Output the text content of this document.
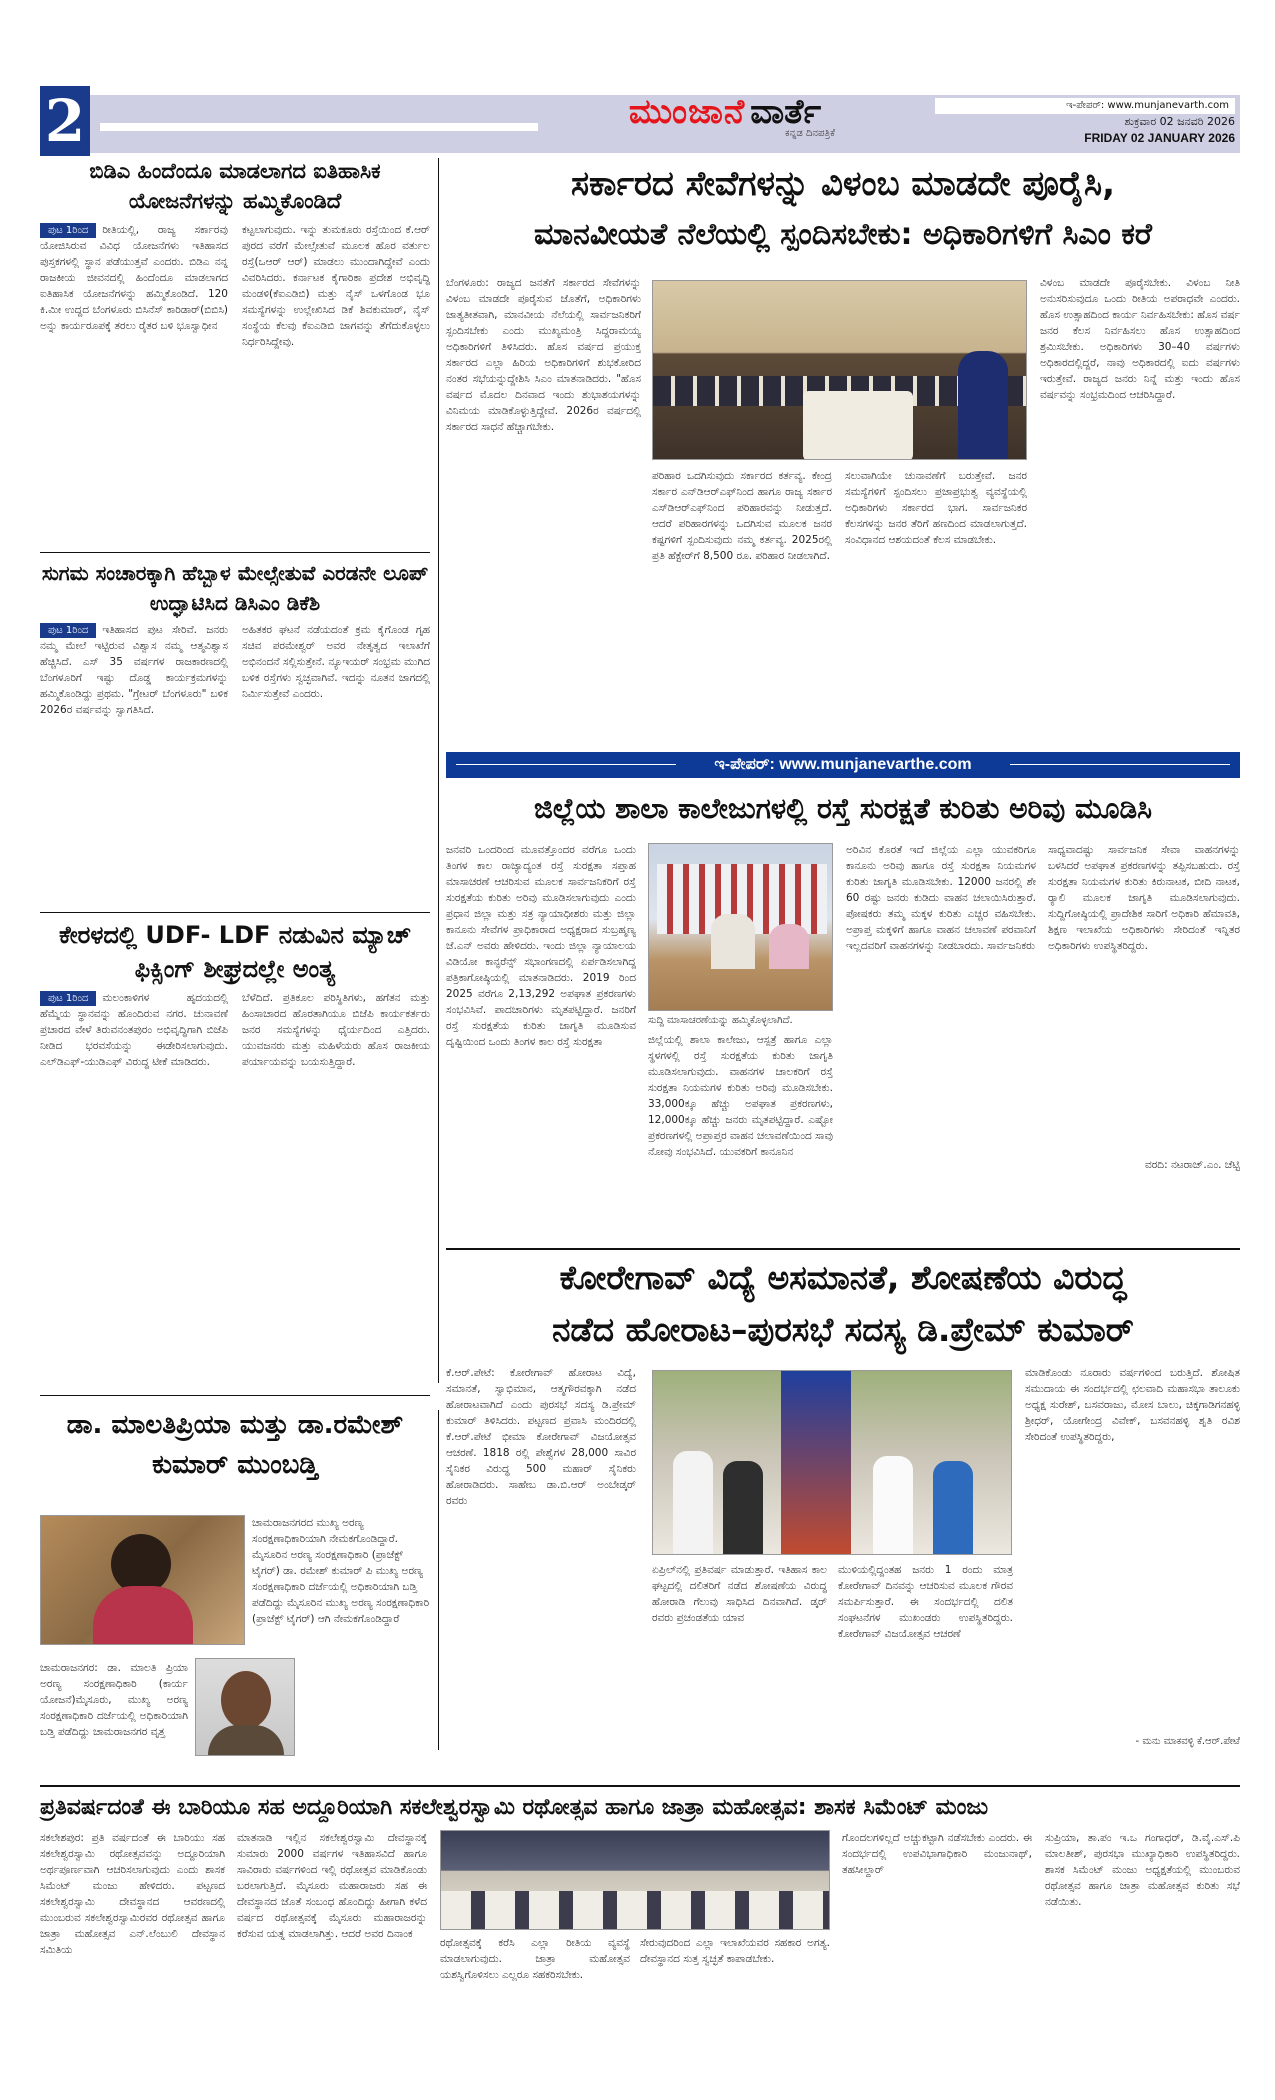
2	ಮುಂಜಾನೆ ವಾರ್ತೆ
ಕನ್ನಡ ದಿನಪತ್ರಿಕೆ
ಇ-ಪೇಪರ್: www.munjanevarth.com
ಶುಕ್ರವಾರ 02 ಜನವರಿ 2026
FRIDAY 02 JANUARY 2026
ಬಿಡಿಎ ಹಿಂದೆಂದೂ ಮಾಡಲಾಗದ ಐತಿಹಾಸಿಕ ಯೋಜನೆಗಳನ್ನು ಹಮ್ಮಿಕೊಂಡಿದೆ
ಪುಟ 1ರಿಂದ ರೀತಿಯಲ್ಲಿ, ರಾಜ್ಯ ಸರ್ಕಾರವು ಯೋಜಿಸಿರುವ ವಿವಿಧ ಯೋಜನೆಗಳು ಇತಿಹಾಸದ ಪುಸ್ತಕಗಳಲ್ಲಿ ಸ್ಥಾನ ಪಡೆಯುತ್ತವೆ ಎಂದರು. ಬಿಡಿಎ ನನ್ನ ರಾಜಕೀಯ ಜೀವನದಲ್ಲಿ ಹಿಂದೆಂದೂ ಮಾಡಲಾಗದ ಐತಿಹಾಸಿಕ ಯೋಜನೆಗಳನ್ನು ಹಮ್ಮಿಕೊಂಡಿದೆ. 120 ಕಿ.ಮೀ ಉದ್ದದ ಬೆಂಗಳೂರು ಬಿಸಿನೆಸ್ ಕಾರಿಡಾರ್(ಬಿಬಿಸಿ) ಅನ್ನು ಕಾರ್ಯರೂಪಕ್ಕೆ ತರಲು ರೈತರ ಬಳಿ ಭೂಸ್ವಾಧೀನ
ಕಟ್ಟಲಾಗುವುದು. ಇನ್ನು ತುಮಕೂರು ರಸ್ತೆಯಿಂದ ಕೆ.ಆರ್ ಪುರದ ವರೆಗೆ ಮೇಲ್ಸೇತುವೆ ಮೂಲಕ ಹೊರ ವರ್ತುಲ ರಸ್ತೆ(ಒಆರ್ ಆರ್) ಮಾಡಲು ಮುಂದಾಗಿದ್ದೇವೆ ಎಂದು ವಿವರಿಸಿದರು. ಕರ್ನಾಟಕ ಕೈಗಾರಿಕಾ ಪ್ರದೇಶ ಅಭಿವೃದ್ಧಿ ಮಂಡಳಿ(ಕೆಐಎಡಿಬಿ) ಮತ್ತು ನೈಸ್ ಒಳಗೊಂಡ ಭೂ ಸಮಸ್ಯೆಗಳನ್ನು ಉಲ್ಲೇಖಿಸಿದ ಡಿಕೆ ಶಿವಕುಮಾರ್, ನೈಸ್ ಸಂಸ್ಥೆಯ ಕೆಲವು ಕೆಐಎಡಿಬಿ ಜಾಗವನ್ನು ತೆಗೆದುಕೊಳ್ಳಲು ನಿರ್ಧರಿಸಿದ್ದೇವು.
ಸುಗಮ ಸಂಚಾರಕ್ಕಾಗಿ ಹೆಬ್ಬಾಳ ಮೇಲ್ಸೇತುವೆ ಎರಡನೇ ಲೂಪ್ ಉದ್ಘಾಟಿಸಿದ ಡಿಸಿಎಂ ಡಿಕೆಶಿ
ಪುಟ 1ರಿಂದ ಇತಿಹಾಸದ ಪುಟ ಸೇರಿವೆ. ಜನರು ನಮ್ಮ ಮೇಲೆ ಇಟ್ಟಿರುವ ವಿಶ್ವಾಸ ನಮ್ಮ ಆತ್ಮವಿಶ್ವಾಸ ಹೆಚ್ಚಿಸಿದೆ. ಎಸ್ 35 ವರ್ಷಗಳ ರಾಜಕಾರಣದಲ್ಲಿ ಬೆಂಗಳೂರಿಗೆ ಇಷ್ಟು ದೊಡ್ಡ ಕಾರ್ಯಕ್ರಮಗಳನ್ನು ಹಮ್ಮಿಕೊಂಡಿದ್ದು ಪ್ರಥಮ. "ಗ್ರೇಟರ್ ಬೆಂಗಳೂರು" ಬಳಿಕ 2026ರ ವರ್ಷವನ್ನು ಸ್ವಾಗತಿಸಿದೆ.
ಅಹಿತಕರ ಘಟನೆ ನಡೆಯದಂತೆ ಕ್ರಮ ಕೈಗೊಂಡ ಗೃಹ ಸಚಿವ ಪರಮೇಶ್ವರ್ ಅವರ ನೇತೃತ್ವದ ಇಲಾಖೆಗೆ ಅಭಿನಂದನೆ ಸಲ್ಲಿಸುತ್ತೇನೆ. ನ್ಯೂಇಯರ್ ಸಂಭ್ರಮ ಮುಗಿದ ಬಳಿಕ ರಸ್ತೆಗಳು ಸ್ವಚ್ಛವಾಗಿವೆ. ಇದನ್ನು ನೂತನ ಜಾಗದಲ್ಲಿ ನಿರ್ಮಿಸುತ್ತೇವೆ ಎಂದರು.
ಕೇರಳದಲ್ಲಿ UDF- LDF ನಡುವಿನ ಮ್ಯಾಚ್ ಫಿಕ್ಸಿಂಗ್ ಶೀಘ್ರದಲ್ಲೇ ಅಂತ್ಯ
ಪುಟ 1ರಿಂದ ಮಲಂಕಾಳಿಗಳ ಹೃದಯದಲ್ಲಿ ಹೆಮ್ಮೆಯ ಸ್ಥಾನವನ್ನು ಹೊಂದಿರುವ ನಗರ. ಚುನಾವಣೆ ಪ್ರಚಾರದ ವೇಳೆ ತಿರುವನಂತಪುರಂ ಅಭಿವೃದ್ಧಿಗಾಗಿ ಬಿಜೆಪಿ ನೀಡಿದ ಭರವಸೆಯನ್ನು ಈಡೇರಿಸಲಾಗುವುದು. ಎಲ್‌ಡಿಎಫ್-ಯುಡಿಎಫ್ ವಿರುದ್ಧ ಟೀಕೆ ಮಾಡಿದರು.
ಬೆಳೆದಿದೆ. ಪ್ರತಿಕೂಲ ಪರಿಸ್ಥಿತಿಗಳು, ಹಗೆತನ ಮತ್ತು ಹಿಂಸಾಚಾರದ ಹೊರತಾಗಿಯೂ ಬಿಜೆಪಿ ಕಾರ್ಯಕರ್ತರು ಜನರ ಸಮಸ್ಯೆಗಳನ್ನು ಧೈರ್ಯದಿಂದ ಎತ್ತಿದರು. ಯುವಜನರು ಮತ್ತು ಮಹಿಳೆಯರು ಹೊಸ ರಾಜಕೀಯ ಪರ್ಯಾಯವನ್ನು ಬಯಸುತ್ತಿದ್ದಾರೆ.
ಡಾ. ಮಾಲತಿಪ್ರಿಯಾ ಮತ್ತು ಡಾ.ರಮೇಶ್ ಕುಮಾರ್ ಮುಂಬಡ್ತಿ
ಚಾಮರಾಜನಗರದ ಮುಖ್ಯ ಅರಣ್ಯ ಸಂರಕ್ಷಣಾಧಿಕಾರಿಯಾಗಿ ನೇಮಕಗೊಂಡಿದ್ದಾರೆ. ಮೈಸೂರಿನ ಅರಣ್ಯ ಸಂರಕ್ಷಣಾಧಿಕಾರಿ (ಪ್ರಾಜೆಕ್ಟ್ ಟೈಗರ್) ಡಾ. ರಮೇಶ್ ಕುಮಾರ್ ಪಿ ಮುಖ್ಯ ಅರಣ್ಯ ಸಂರಕ್ಷಣಾಧಿಕಾರಿ ದರ್ಜೆಯಲ್ಲಿ ಅಧಿಕಾರಿಯಾಗಿ ಬಡ್ತಿ ಪಡೆದಿದ್ದು ಮೈಸೂರಿನ ಮುಖ್ಯ ಅರಣ್ಯ ಸಂರಕ್ಷಣಾಧಿಕಾರಿ (ಪ್ರಾಜೆಕ್ಟ್ ಟೈಗರ್) ಆಗಿ ನೇಮಕಗೊಂಡಿದ್ದಾರೆ
ಚಾಮರಾಜನಗರ: ಡಾ. ಮಾಲತಿ ಪ್ರಿಯಾ ಅರಣ್ಯ ಸಂರಕ್ಷಣಾಧಿಕಾರಿ (ಕಾರ್ಯ ಯೋಜನೆ)ಮೈಸೂರು, ಮುಖ್ಯ ಅರಣ್ಯ ಸಂರಕ್ಷಣಾಧಿಕಾರಿ ದರ್ಜೆಯಲ್ಲಿ ಅಧಿಕಾರಿಯಾಗಿ ಬಡ್ತಿ ಪಡೆದಿದ್ದು ಚಾಮರಾಜನಗರ ವೃತ್ತ
ಸರ್ಕಾರದ ಸೇವೆಗಳನ್ನು ವಿಳಂಬ ಮಾಡದೇ ಪೂರೈಸಿ,
ಮಾನವೀಯತೆ ನೆಲೆಯಲ್ಲಿ ಸ್ಪಂದಿಸಬೇಕು: ಅಧಿಕಾರಿಗಳಿಗೆ ಸಿಎಂ ಕರೆ
ಬೆಂಗಳೂರು: ರಾಜ್ಯದ ಜನತೆಗೆ ಸರ್ಕಾರದ ಸೇವೆಗಳನ್ನು ವಿಳಂಬ ಮಾಡದೇ ಪೂರೈಸುವ ಜೊತೆಗೆ, ಅಧಿಕಾರಿಗಳು ಜಾತ್ಯತೀತವಾಗಿ, ಮಾನವೀಯ ನೆಲೆಯಲ್ಲಿ ಸಾರ್ವಜನಿಕರಿಗೆ ಸ್ಪಂದಿಸಬೇಕು ಎಂದು ಮುಖ್ಯಮಂತ್ರಿ ಸಿದ್ದರಾಮಯ್ಯ ಅಧಿಕಾರಿಗಳಿಗೆ ತಿಳಿಸಿದರು. ಹೊಸ ವರ್ಷದ ಪ್ರಯುಕ್ತ ಸರ್ಕಾರದ ಎಲ್ಲಾ ಹಿರಿಯ ಅಧಿಕಾರಿಗಳಿಗೆ ಶುಭಕೋರಿದ ನಂತರ ಸಭೆಯನ್ನುದ್ದೇಶಿಸಿ ಸಿಎಂ ಮಾತನಾಡಿದರು. "ಹೊಸ ವರ್ಷದ ಮೊದಲ ದಿನವಾದ ಇಂದು ಶುಭಾಶಯಗಳನ್ನು ವಿನಿಮಯ ಮಾಡಿಕೊಳ್ಳುತ್ತಿದ್ದೇವೆ. 2026ರ ವರ್ಷದಲ್ಲಿ ಸರ್ಕಾರದ ಸಾಧನೆ ಹೆಚ್ಚಾಗಬೇಕು.
ಪರಿಹಾರ ಒದಗಿಸುವುದು ಸರ್ಕಾರದ ಕರ್ತವ್ಯ. ಕೇಂದ್ರ ಸರ್ಕಾರ ಎನ್‌ಡಿಆರ್‌ಎಫ್‌ನಿಂದ ಹಾಗೂ ರಾಜ್ಯ ಸರ್ಕಾರ ಎಸ್‌ಡಿಆರ್‌ಎಫ್‌ನಿಂದ ಪರಿಹಾರವನ್ನು ನೀಡುತ್ತದೆ. ಆದರೆ ಪರಿಹಾರಗಳನ್ನು ಒದಗಿಸುವ ಮೂಲಕ ಜನರ ಕಷ್ಟಗಳಿಗೆ ಸ್ಪಂದಿಸುವುದು ನಮ್ಮ ಕರ್ತವ್ಯ. 2025ರಲ್ಲಿ ಪ್ರತಿ ಹೆಕ್ಟೇರ್‌ಗೆ 8,500 ರೂ. ಪರಿಹಾರ ನೀಡಲಾಗಿದೆ.
ಸಲುವಾಗಿಯೇ ಚುನಾವಣೆಗೆ ಬರುತ್ತೇವೆ. ಜನರ ಸಮಸ್ಯೆಗಳಿಗೆ ಸ್ಪಂದಿಸಲು ಪ್ರಜಾಪ್ರಭುತ್ವ ವ್ಯವಸ್ಥೆಯಲ್ಲಿ ಅಧಿಕಾರಿಗಳು ಸರ್ಕಾರದ ಭಾಗ. ಸಾರ್ವಜನಿಕರ ಕೆಲಸಗಳನ್ನು ಜನರ ತೆರಿಗೆ ಹಣದಿಂದ ಮಾಡಲಾಗುತ್ತದೆ. ಸಂವಿಧಾನದ ಆಶಯದಂತೆ ಕೆಲಸ ಮಾಡಬೇಕು.
ವಿಳಂಬ ಮಾಡದೇ ಪೂರೈಸಬೇಕು. ವಿಳಂಬ ನೀತಿ ಅನುಸರಿಸುವುದೂ ಒಂದು ರೀತಿಯ ಅಪರಾಧವೇ ಎಂದರು. ಹೊಸ ಉತ್ಸಾಹದಿಂದ ಕಾರ್ಯ ನಿರ್ವಹಿಸಬೇಕು: ಹೊಸ ವರ್ಷ ಜನರ ಕೆಲಸ ನಿರ್ವಹಿಸಲು ಹೊಸ ಉತ್ಸಾಹದಿಂದ ಶ್ರಮಿಸಬೇಕು. ಅಧಿಕಾರಿಗಳು 30–40 ವರ್ಷಗಳು ಅಧಿಕಾರದಲ್ಲಿದ್ದರೆ, ನಾವು ಅಧಿಕಾರದಲ್ಲಿ ಐದು ವರ್ಷಗಳು ಇರುತ್ತೇವೆ. ರಾಜ್ಯದ ಜನರು ನಿನ್ನೆ ಮತ್ತು ಇಂದು ಹೊಸ ವರ್ಷವನ್ನು ಸಂಭ್ರಮದಿಂದ ಆಚರಿಸಿದ್ದಾರೆ.
ಇ-ಪೇಪರ್: www.munjanevarthe.com
ಜಿಲ್ಲೆಯ ಶಾಲಾ ಕಾಲೇಜುಗಳಲ್ಲಿ ರಸ್ತೆ ಸುರಕ್ಷತೆ ಕುರಿತು ಅರಿವು ಮೂಡಿಸಿ
ಜನವರಿ ಒಂದರಿಂದ ಮೂವತ್ತೊಂದರ ವರೆಗೂ ಒಂದು ತಿಂಗಳ ಕಾಲ ರಾಜ್ಯಾದ್ಯಂತ ರಸ್ತೆ ಸುರಕ್ಷತಾ ಸಪ್ತಾಹ ಮಾಸಾಚರಣೆ ಆಚರಿಸುವ ಮೂಲಕ ಸಾರ್ವಜನಿಕರಿಗೆ ರಸ್ತೆ ಸುರಕ್ಷತೆಯ ಕುರಿತು ಅರಿವು ಮೂಡಿಸಲಾಗುವುದು ಎಂದು ಪ್ರಧಾನ ಜಿಲ್ಲಾ ಮತ್ತು ಸತ್ರ ನ್ಯಾಯಾಧೀಶರು ಮತ್ತು ಜಿಲ್ಲಾ ಕಾನೂನು ಸೇವೆಗಳ ಪ್ರಾಧಿಕಾರಾದ ಅಧ್ಯಕ್ಷರಾದ ಸುಬ್ರಹ್ಮಣ್ಯ ಜೆ.ಎನ್ ಅವರು ಹೇಳಿದರು. ಇಂದು ಜಿಲ್ಲಾ ನ್ಯಾಯಾಲಯ ವಿಡಿಯೋ ಕಾನ್ಫರೆನ್ಸ್ ಸಭಾಂಗಣದಲ್ಲಿ ಏರ್ಪಡಿಸಲಾಗಿದ್ದ ಪತ್ರಿಕಾಗೋಷ್ಠಿಯಲ್ಲಿ ಮಾತನಾಡಿದರು. 2019 ರಿಂದ 2025 ವರೆಗೂ 2,13,292 ಅಪಘಾತ ಪ್ರಕರಣಗಳು ಸಂಭವಿಸಿವೆ. ಪಾದಚಾರಿಗಳು ಮೃತಪಟ್ಟಿದ್ದಾರೆ. ಜನರಿಗೆ ರಸ್ತೆ ಸುರಕ್ಷತೆಯ ಕುರಿತು ಜಾಗೃತಿ ಮೂಡಿಸುವ ದೃಷ್ಟಿಯಿಂದ ಒಂದು ತಿಂಗಳ ಕಾಲ ರಸ್ತೆ ಸುರಕ್ಷತಾ
ಸುದ್ದಿ ಮಾಸಾಚರಣೆಯನ್ನು ಹಮ್ಮಿಕೊಳ್ಳಲಾಗಿದೆ.
ಜಿಲ್ಲೆಯಲ್ಲಿ ಶಾಲಾ ಕಾಲೇಜು, ಆಸ್ಪತ್ರೆ ಹಾಗೂ ಎಲ್ಲಾ ಸ್ಥಳಗಳಲ್ಲಿ ರಸ್ತೆ ಸುರಕ್ಷತೆಯ ಕುರಿತು ಜಾಗೃತಿ ಮೂಡಿಸಲಾಗುವುದು. ವಾಹನಗಳ ಚಾಲಕರಿಗೆ ರಸ್ತೆ ಸುರಕ್ಷತಾ ನಿಯಮಗಳ ಕುರಿತು ಅರಿವು ಮೂಡಿಸಬೇಕು. 33,000ಕ್ಕೂ ಹೆಚ್ಚು ಅಪಘಾತ ಪ್ರಕರಣಗಳು, 12,000ಕ್ಕೂ ಹೆಚ್ಚು ಜನರು ಮೃತಪಟ್ಟಿದ್ದಾರೆ. ಎಷ್ಟೋ ಪ್ರಕರಣಗಳಲ್ಲಿ ಅಪ್ರಾಪ್ತರ ವಾಹನ ಚಲಾವಣೆಯಿಂದ ಸಾವು ನೋವು ಸಂಭವಿಸಿದೆ. ಯುವಕರಿಗೆ ಕಾನೂನಿನ
ಅರಿವಿನ ಕೊರತೆ ಇದೆ ಜಿಲ್ಲೆಯ ಎಲ್ಲಾ ಯುವಕರಿಗೂ ಕಾನೂನು ಅರಿವು ಹಾಗೂ ರಸ್ತೆ ಸುರಕ್ಷತಾ ನಿಯಮಗಳ ಕುರಿತು ಜಾಗೃತಿ ಮೂಡಿಸಬೇಕು. 12000 ಜನರಲ್ಲಿ ಶೇ 60 ರಷ್ಟು ಜನರು ಕುಡಿದು ವಾಹನ ಚಲಾಯಿಸಿರುತ್ತಾರೆ. ಪೋಷಕರು ತಮ್ಮ ಮಕ್ಕಳ ಕುರಿತು ಎಚ್ಚರ ವಹಿಸಬೇಕು. ಅಪ್ರಾಪ್ತ ಮಕ್ಕಳಿಗೆ ಹಾಗೂ ವಾಹನ ಚಲಾವಣೆ ಪರವಾನಿಗೆ ಇಲ್ಲದವರಿಗೆ ವಾಹನಗಳನ್ನು ನೀಡಬಾರದು. ಸಾರ್ವಜನಿಕರು
ಸಾಧ್ಯವಾದಷ್ಟು ಸಾರ್ವಜನಿಕ ಸೇವಾ ವಾಹನಗಳನ್ನು ಬಳಸಿದರೆ ಅಪಘಾತ ಪ್ರಕರಣಗಳನ್ನು ತಪ್ಪಿಸಬಹುದು. ರಸ್ತೆ ಸುರಕ್ಷತಾ ನಿಯಮಗಳ ಕುರಿತು ಕಿರುನಾಟಕ, ಬೀದಿ ನಾಟಕ, ರ‍್ಯಾಲಿ ಮೂಲಕ ಜಾಗೃತಿ ಮೂಡಿಸಲಾಗುವುದು. ಸುದ್ದಿಗೋಷ್ಠಿಯಲ್ಲಿ ಪ್ರಾದೇಶಿಕ ಸಾರಿಗೆ ಅಧಿಕಾರಿ ಹೆಮಾವತಿ, ಶಿಕ್ಷಣ ಇಲಾಖೆಯ ಅಧಿಕಾರಿಗಳು ಸೇರಿದಂತೆ ಇನ್ನಿತರ ಅಧಿಕಾರಿಗಳು ಉಪಸ್ಥಿತರಿದ್ದರು.
ವರದಿ: ನಟರಾಜ್.ಎಂ. ಚೆಟ್ಟಿ
ಕೋರೇಗಾವ್ ವಿದ್ಯೆ ಅಸಮಾನತೆ, ಶೋಷಣೆಯ ವಿರುದ್ಧ
ನಡೆದ ಹೋರಾಟ–ಪುರಸಭೆ ಸದಸ್ಯ ಡಿ.ಪ್ರೇಮ್ ಕುಮಾರ್
ಕೆ.ಆರ್.ಪೇಟೆ: ಕೋರೇಗಾವ್ ಹೋರಾಟ ವಿದ್ಯೆ, ಸಮಾನತೆ, ಸ್ವಾಭಿಮಾನ, ಆತ್ಮಗೌರವಕ್ಕಾಗಿ ನಡೆದ ಹೋರಾಟವಾಗಿದೆ ಎಂದು ಪುರಸಭೆ ಸದಸ್ಯ ಡಿ.ಪ್ರೇಮ್ ಕುಮಾರ್ ತಿಳಿಸಿದರು. ಪಟ್ಟಣದ ಪ್ರವಾಸಿ ಮಂದಿರದಲ್ಲಿ ಕೆ.ಆರ್.ಪೇಟೆ ಭೀಮಾ ಕೋರೇಗಾವ್ ವಿಜಯೋತ್ಸವ ಆಚರಣೆ. 1818 ರಲ್ಲಿ ಪೇಶ್ವೆಗಳ 28,000 ಸಾವಿರ ಸೈನಿಕರ ವಿರುದ್ಧ 500 ಮಹಾರ್ ಸೈನಿಕರು ಹೋರಾಡಿದರು. ಸಾಹೇಬ ಡಾ.ಬಿ.ಆರ್ ಅಂಬೇಡ್ಕರ್ ರವರು
ಏಪ್ರಿಲ್‌ನಲ್ಲಿ ಪ್ರತಿವರ್ಷ ಮಾಡುತ್ತಾರೆ. ಇತಿಹಾಸ ಕಾಲ ಘಟ್ಟದಲ್ಲಿ ದಲಿತರಿಗೆ ನಡೆದ ಶೋಷಣೆಯ ವಿರುದ್ಧ ಹೋರಾಡಿ ಗೆಲುವು ಸಾಧಿಸಿದ ದಿನವಾಗಿದೆ. ಡ್ಕರ್ ರವರು ಪ್ರಚಂಡತೆಯ ಯಾವ
ಮುಳಿಯಲ್ಲಿದ್ದಂತಹ ಜನರು 1 ರಂದು ಮಾತ್ರ ಕೋರೇಗಾವ್ ದಿನವನ್ನು ಆಚರಿಸುವ ಮೂಲಕ ಗೌರವ ಸಮರ್ಪಿಸುತ್ತಾರೆ. ಈ ಸಂದರ್ಭದಲ್ಲಿ ದಲಿತ ಸಂಘಟನೆಗಳ ಮುಖಂಡರು ಉಪಸ್ಥಿತರಿದ್ದರು. ಕೋರೇಗಾವ್ ವಿಜಯೋತ್ಸವ ಆಚರಣೆ
ಮಾಡಿಕೊಂಡು ನೂರಾರು ವರ್ಷಗಳಿಂದ ಬರುತ್ತಿದೆ. ಶೋಷಿತ ಸಮುದಾಯ ಈ ಸಂದರ್ಭದಲ್ಲಿ ಛಲವಾದಿ ಮಹಾಸಭಾ ತಾಲೂಕು ಅಧ್ಯಕ್ಷ ಸುರೇಶ್, ಬಸವರಾಜು, ಮೋಸ ಬಾಲು, ಚಿಕ್ಕಗಾಡಿಗನಹಳ್ಳಿ ಶ್ರೀಧರ್, ಯೋಗೇಂದ್ರ ವಿವೇಕ್, ಬಸವನಹಳ್ಳಿ ಶೃತಿ ರವಿಶ ಸೇರಿದಂತೆ ಉಪಸ್ಥಿತರಿದ್ದರು,
- ಮನು ಮಾಕವಳ್ಳಿ ಕೆ.ಆರ್.ಪೇಟೆ
ಪ್ರತಿವರ್ಷದಂತೆ ಈ ಬಾರಿಯೂ ಸಹ ಅದ್ದೂರಿಯಾಗಿ ಸಕಲೇಶ್ವರಸ್ವಾಮಿ ರಥೋತ್ಸವ ಹಾಗೂ ಜಾತ್ರಾ ಮಹೋತ್ಸವ: ಶಾಸಕ ಸಿಮೆಂಟ್ ಮಂಜು
ಸಕಲೇಶಪುರ: ಪ್ರತಿ ವರ್ಷದಂತೆ ಈ ಬಾರಿಯು ಸಹ ಸಕಲೇಶ್ವರಸ್ವಾಮಿ ರಥೋತ್ಸವವನ್ನು ಅದ್ದೂರಿಯಾಗಿ ಅರ್ಥಪೂರ್ಣವಾಗಿ ಆಚರಿಸಲಾಗುವುದು ಎಂದು ಶಾಸಕ ಸಿಮೆಂಟ್ ಮಂಜು ಹೇಳಿದರು. ಪಟ್ಟಣದ ಸಕಲೇಶ್ವರಸ್ವಾಮಿ ದೇವಸ್ಥಾನದ ಆವರಣದಲ್ಲಿ ಮುಂಬರುವ ಸಕಲೇಶ್ವರಸ್ವಾಮಿರವರ ರಥೋತ್ಸವ ಹಾಗೂ ಜಾತ್ರಾ ಮಹೋತ್ಸವ ಎನ್.ಲೆಂಬುಲಿ ದೇವಸ್ಥಾನ ಸಮಿತಿಯ
ಮಾತನಾಡಿ ಇಲ್ಲಿನ ಸಕಲೇಶ್ವರಸ್ವಾಮಿ ದೇವಸ್ಥಾನಕ್ಕೆ ಸುಮಾರು 2000 ವರ್ಷಗಳ ಇತಿಹಾಸವಿದೆ ಹಾಗೂ ಸಾವಿರಾರು ವರ್ಷಗಳಿಂದ ಇಲ್ಲಿ ರಥೋತ್ಸವ ಮಾಡಿಕೊಂಡು ಬರಲಾಗುತ್ತಿದೆ. ಮೈಸೂರು ಮಹಾರಾಜರು ಸಹ ಈ ದೇವಸ್ಥಾನದ ಜೊತೆ ಸಂಬಂಧ ಹೊಂದಿದ್ದು ಹೀಗಾಗಿ ಕಳೆದ ವರ್ಷದ ರಥೋತ್ಸವಕ್ಕೆ ಮೈಸೂರು ಮಹಾರಾಜರನ್ನು ಕರೆಸುವ ಯತ್ನ ಮಾಡಲಾಗಿತ್ತು. ಆದರೆ ಅವರ ದಿನಾಂಕ
ರಥೋತ್ಸವಕ್ಕೆ ಕರೆಸಿ ಎಲ್ಲಾ ರೀತಿಯ ವ್ಯವಸ್ಥೆ ಮಾಡಲಾಗುವುದು. ಜಾತ್ರಾ ಮಹೋತ್ಸವ ಯಶಸ್ವಿಗೊಳಿಸಲು ಎಲ್ಲರೂ ಸಹಕರಿಸಬೇಕು.
ಸೇರುವುದರಿಂದ ಎಲ್ಲಾ ಇಲಾಖೆಯವರ ಸಹಕಾರ ಅಗತ್ಯ. ದೇವಸ್ಥಾನದ ಸುತ್ತ ಸ್ವಚ್ಛತೆ ಕಾಪಾಡಬೇಕು.
ಗೊಂದಲಗಳಿಲ್ಲದೆ ಅಚ್ಚುಕಟ್ಟಾಗಿ ನಡೆಸಬೇಕು ಎಂದರು. ಈ ಸಂದರ್ಭದಲ್ಲಿ ಉಪವಿಭಾಗಾಧಿಕಾರಿ ಮಂಜುನಾಥ್, ತಹಸೀಲ್ದಾರ್
ಸುಪ್ರಿಯಾ, ತಾ.ಪಂ ಇ.ಒ ಗಂಗಾಧರ್, ಡಿ.ವೈ.ಎಸ್.ಪಿ ಮಾಲತೀಶ್, ಪುರಸಭಾ ಮುಖ್ಯಾಧಿಕಾರಿ ಉಪಸ್ಥಿತರಿದ್ದರು. ಶಾಸಕ ಸಿಮೆಂಟ್ ಮಂಜು ಅಧ್ಯಕ್ಷತೆಯಲ್ಲಿ ಮುಂಬರುವ ರಥೋತ್ಸವ ಹಾಗೂ ಜಾತ್ರಾ ಮಹೋತ್ಸವ ಕುರಿತು ಸಭೆ ನಡೆಯಿತು.
